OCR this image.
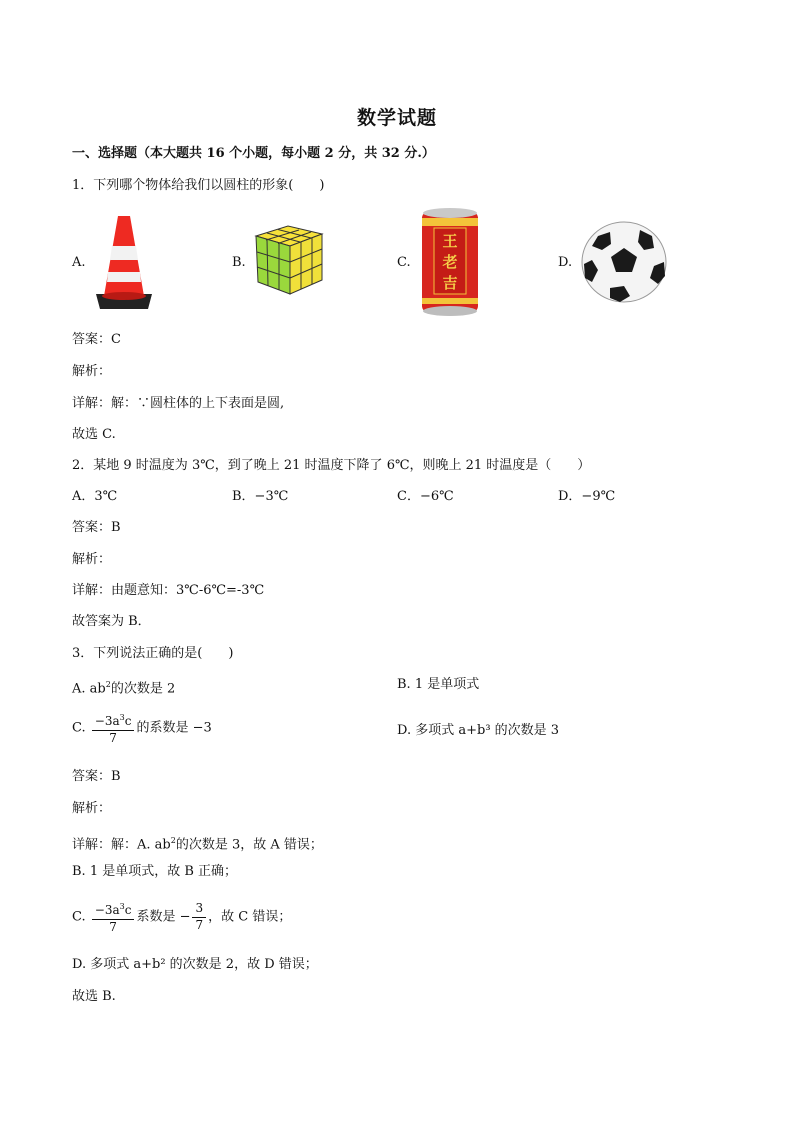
数学试题
一、选择题（本大题共 16 个小题，每小题 2 分，共 32 分.）
1．下列哪个物体给我们以圆柱的形象(　　)
A.	B.	C.
王
老
吉
D.
答案：C
解析：
详解：解：∵圆柱体的上下表面是圆,
故选 C.
2．某地 9 时温度为 3℃，到了晚上 21 时温度下降了 6℃，则晚上 21 时温度是（　　）
A．3℃	B．−3℃	C．−6℃	D．−9℃
答案：B
解析：
详解：由题意知：3℃-6℃=-3℃
故答案为 B．
3．下列说法正确的是(　　)
A. $ab^2$的次数是 2	B. 1 是单项式
C. $\frac{-3a^3c}{7}$ 的系数是 −3	D. 多项式 a+b³ 的次数是 3
答案：B
解析：
详解：解：A. $ab^2$的次数是 3，故 A 错误；
B. 1 是单项式，故 B 正确；
C. $\frac{-3a^3c}{7}$ 系数是 − $\frac{3}{7}$ ，故 C 错误；
D. 多项式 a+b² 的次数是 2，故 D 错误；
故选 B.
